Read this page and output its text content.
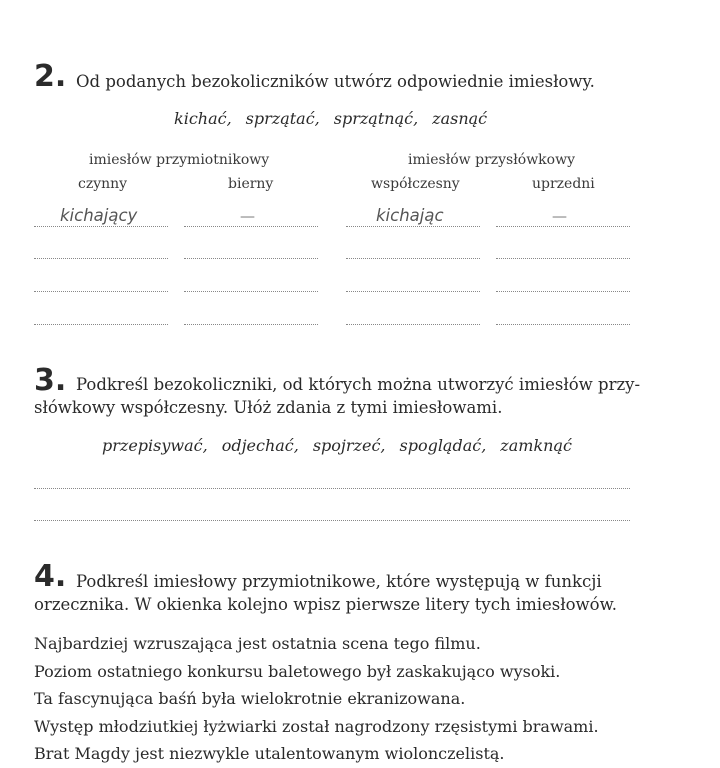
2. Od podanych bezokoliczników utwórz odpowiednie imiesłowy.
kichać, sprzątać, sprzątnąć, zasnąć
imiesłów przymiotnikowy	imiesłów przysłówkowy
czynny	bierny	współczesny	uprzedni
kichający	—	kichając	—
3. Podkreśl bezokoliczniki, od których można utworzyć imiesłów przy-
słówkowy współczesny. Ułóż zdania z tymi imiesłowami.
przepisywać, odjechać, spojrzeć, spoglądać, zamknąć
4. Podkreśl imiesłowy przymiotnikowe, które występują w funkcji
orzecznika. W okienka kolejno wpisz pierwsze litery tych imiesłowów.
Najbardziej wzruszająca jest ostatnia scena tego filmu.
Poziom ostatniego konkursu baletowego był zaskakująco wysoki.
Ta fascynująca baśń była wielokrotnie ekranizowana.
Występ młodziutkiej łyżwiarki został nagrodzony rzęsistymi brawami.
Brat Magdy jest niezwykle utalentowanym wiolonczelistą.
